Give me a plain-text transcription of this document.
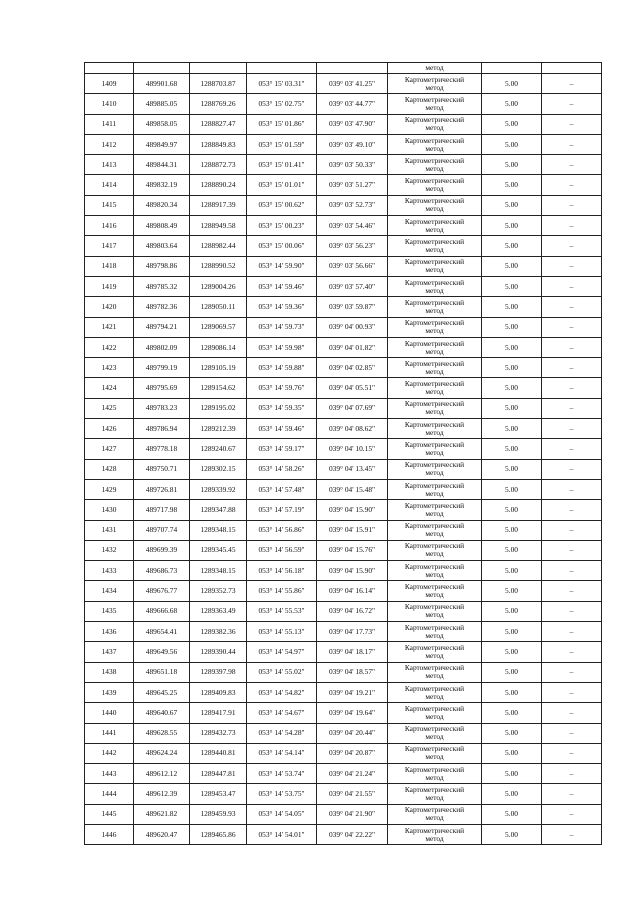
					метод		
1409	489901.68	1288703.87	053° 15' 03.31"	039° 03' 41.25"	Картометрический
метод	5.00	–
1410	489885.05	1288769.26	053° 15' 02.75"	039° 03' 44.77"	Картометрический
метод	5.00	–
1411	489858.05	1288827.47	053° 15' 01.86"	039° 03' 47.90"	Картометрический
метод	5.00	–
1412	489849.97	1288849.83	053° 15' 01.59"	039° 03' 49.10"	Картометрический
метод	5.00	–
1413	489844.31	1288872.73	053° 15' 01.41"	039° 03' 50.33"	Картометрический
метод	5.00	–
1414	489832.19	1288890.24	053° 15' 01.01"	039° 03' 51.27"	Картометрический
метод	5.00	–
1415	489820.34	1288917.39	053° 15' 00.62"	039° 03' 52.73"	Картометрический
метод	5.00	–
1416	489808.49	1288949.58	053° 15' 00.23"	039° 03' 54.46"	Картометрический
метод	5.00	–
1417	489803.64	1288982.44	053° 15' 00.06"	039° 03' 56.23"	Картометрический
метод	5.00	–
1418	489798.86	1288990.52	053° 14' 59.90"	039° 03' 56.66"	Картометрический
метод	5.00	–
1419	489785.32	1289004.26	053° 14' 59.46"	039° 03' 57.40"	Картометрический
метод	5.00	–
1420	489782.36	1289050.11	053° 14' 59.36"	039° 03' 59.87"	Картометрический
метод	5.00	–
1421	489794.21	1289069.57	053° 14' 59.73"	039° 04' 00.93"	Картометрический
метод	5.00	–
1422	489802.09	1289086.14	053° 14' 59.98"	039° 04' 01.82"	Картометрический
метод	5.00	–
1423	489799.19	1289105.19	053° 14' 59.88"	039° 04' 02.85"	Картометрический
метод	5.00	–
1424	489795.69	1289154.62	053° 14' 59.76"	039° 04' 05.51"	Картометрический
метод	5.00	–
1425	489783.23	1289195.02	053° 14' 59.35"	039° 04' 07.69"	Картометрический
метод	5.00	–
1426	489786.94	1289212.39	053° 14' 59.46"	039° 04' 08.62"	Картометрический
метод	5.00	–
1427	489778.18	1289240.67	053° 14' 59.17"	039° 04' 10.15"	Картометрический
метод	5.00	–
1428	489750.71	1289302.15	053° 14' 58.26"	039° 04' 13.45"	Картометрический
метод	5.00	–
1429	489726.81	1289339.92	053° 14' 57.48"	039° 04' 15.48"	Картометрический
метод	5.00	–
1430	489717.98	1289347.88	053° 14' 57.19"	039° 04' 15.90"	Картометрический
метод	5.00	–
1431	489707.74	1289348.15	053° 14' 56.86"	039° 04' 15.91"	Картометрический
метод	5.00	–
1432	489699.39	1289345.45	053° 14' 56.59"	039° 04' 15.76"	Картометрический
метод	5.00	–
1433	489686.73	1289348.15	053° 14' 56.18"	039° 04' 15.90"	Картометрический
метод	5.00	–
1434	489676.77	1289352.73	053° 14' 55.86"	039° 04' 16.14"	Картометрический
метод	5.00	–
1435	489666.68	1289363.49	053° 14' 55.53"	039° 04' 16.72"	Картометрический
метод	5.00	–
1436	489654.41	1289382.36	053° 14' 55.13"	039° 04' 17.73"	Картометрический
метод	5.00	–
1437	489649.56	1289390.44	053° 14' 54.97"	039° 04' 18.17"	Картометрический
метод	5.00	–
1438	489651.18	1289397.98	053° 14' 55.02"	039° 04' 18.57"	Картометрический
метод	5.00	–
1439	489645.25	1289409.83	053° 14' 54.82"	039° 04' 19.21"	Картометрический
метод	5.00	–
1440	489640.67	1289417.91	053° 14' 54.67"	039° 04' 19.64"	Картометрический
метод	5.00	–
1441	489628.55	1289432.73	053° 14' 54.28"	039° 04' 20.44"	Картометрический
метод	5.00	–
1442	489624.24	1289440.81	053° 14' 54.14"	039° 04' 20.87"	Картометрический
метод	5.00	–
1443	489612.12	1289447.81	053° 14' 53.74"	039° 04' 21.24"	Картометрический
метод	5.00	–
1444	489612.39	1289453.47	053° 14' 53.75"	039° 04' 21.55"	Картометрический
метод	5.00	–
1445	489621.82	1289459.93	053° 14' 54.05"	039° 04' 21.90"	Картометрический
метод	5.00	–
1446	489620.47	1289465.86	053° 14' 54.01"	039° 04' 22.22"	Картометрический
метод	5.00	–
